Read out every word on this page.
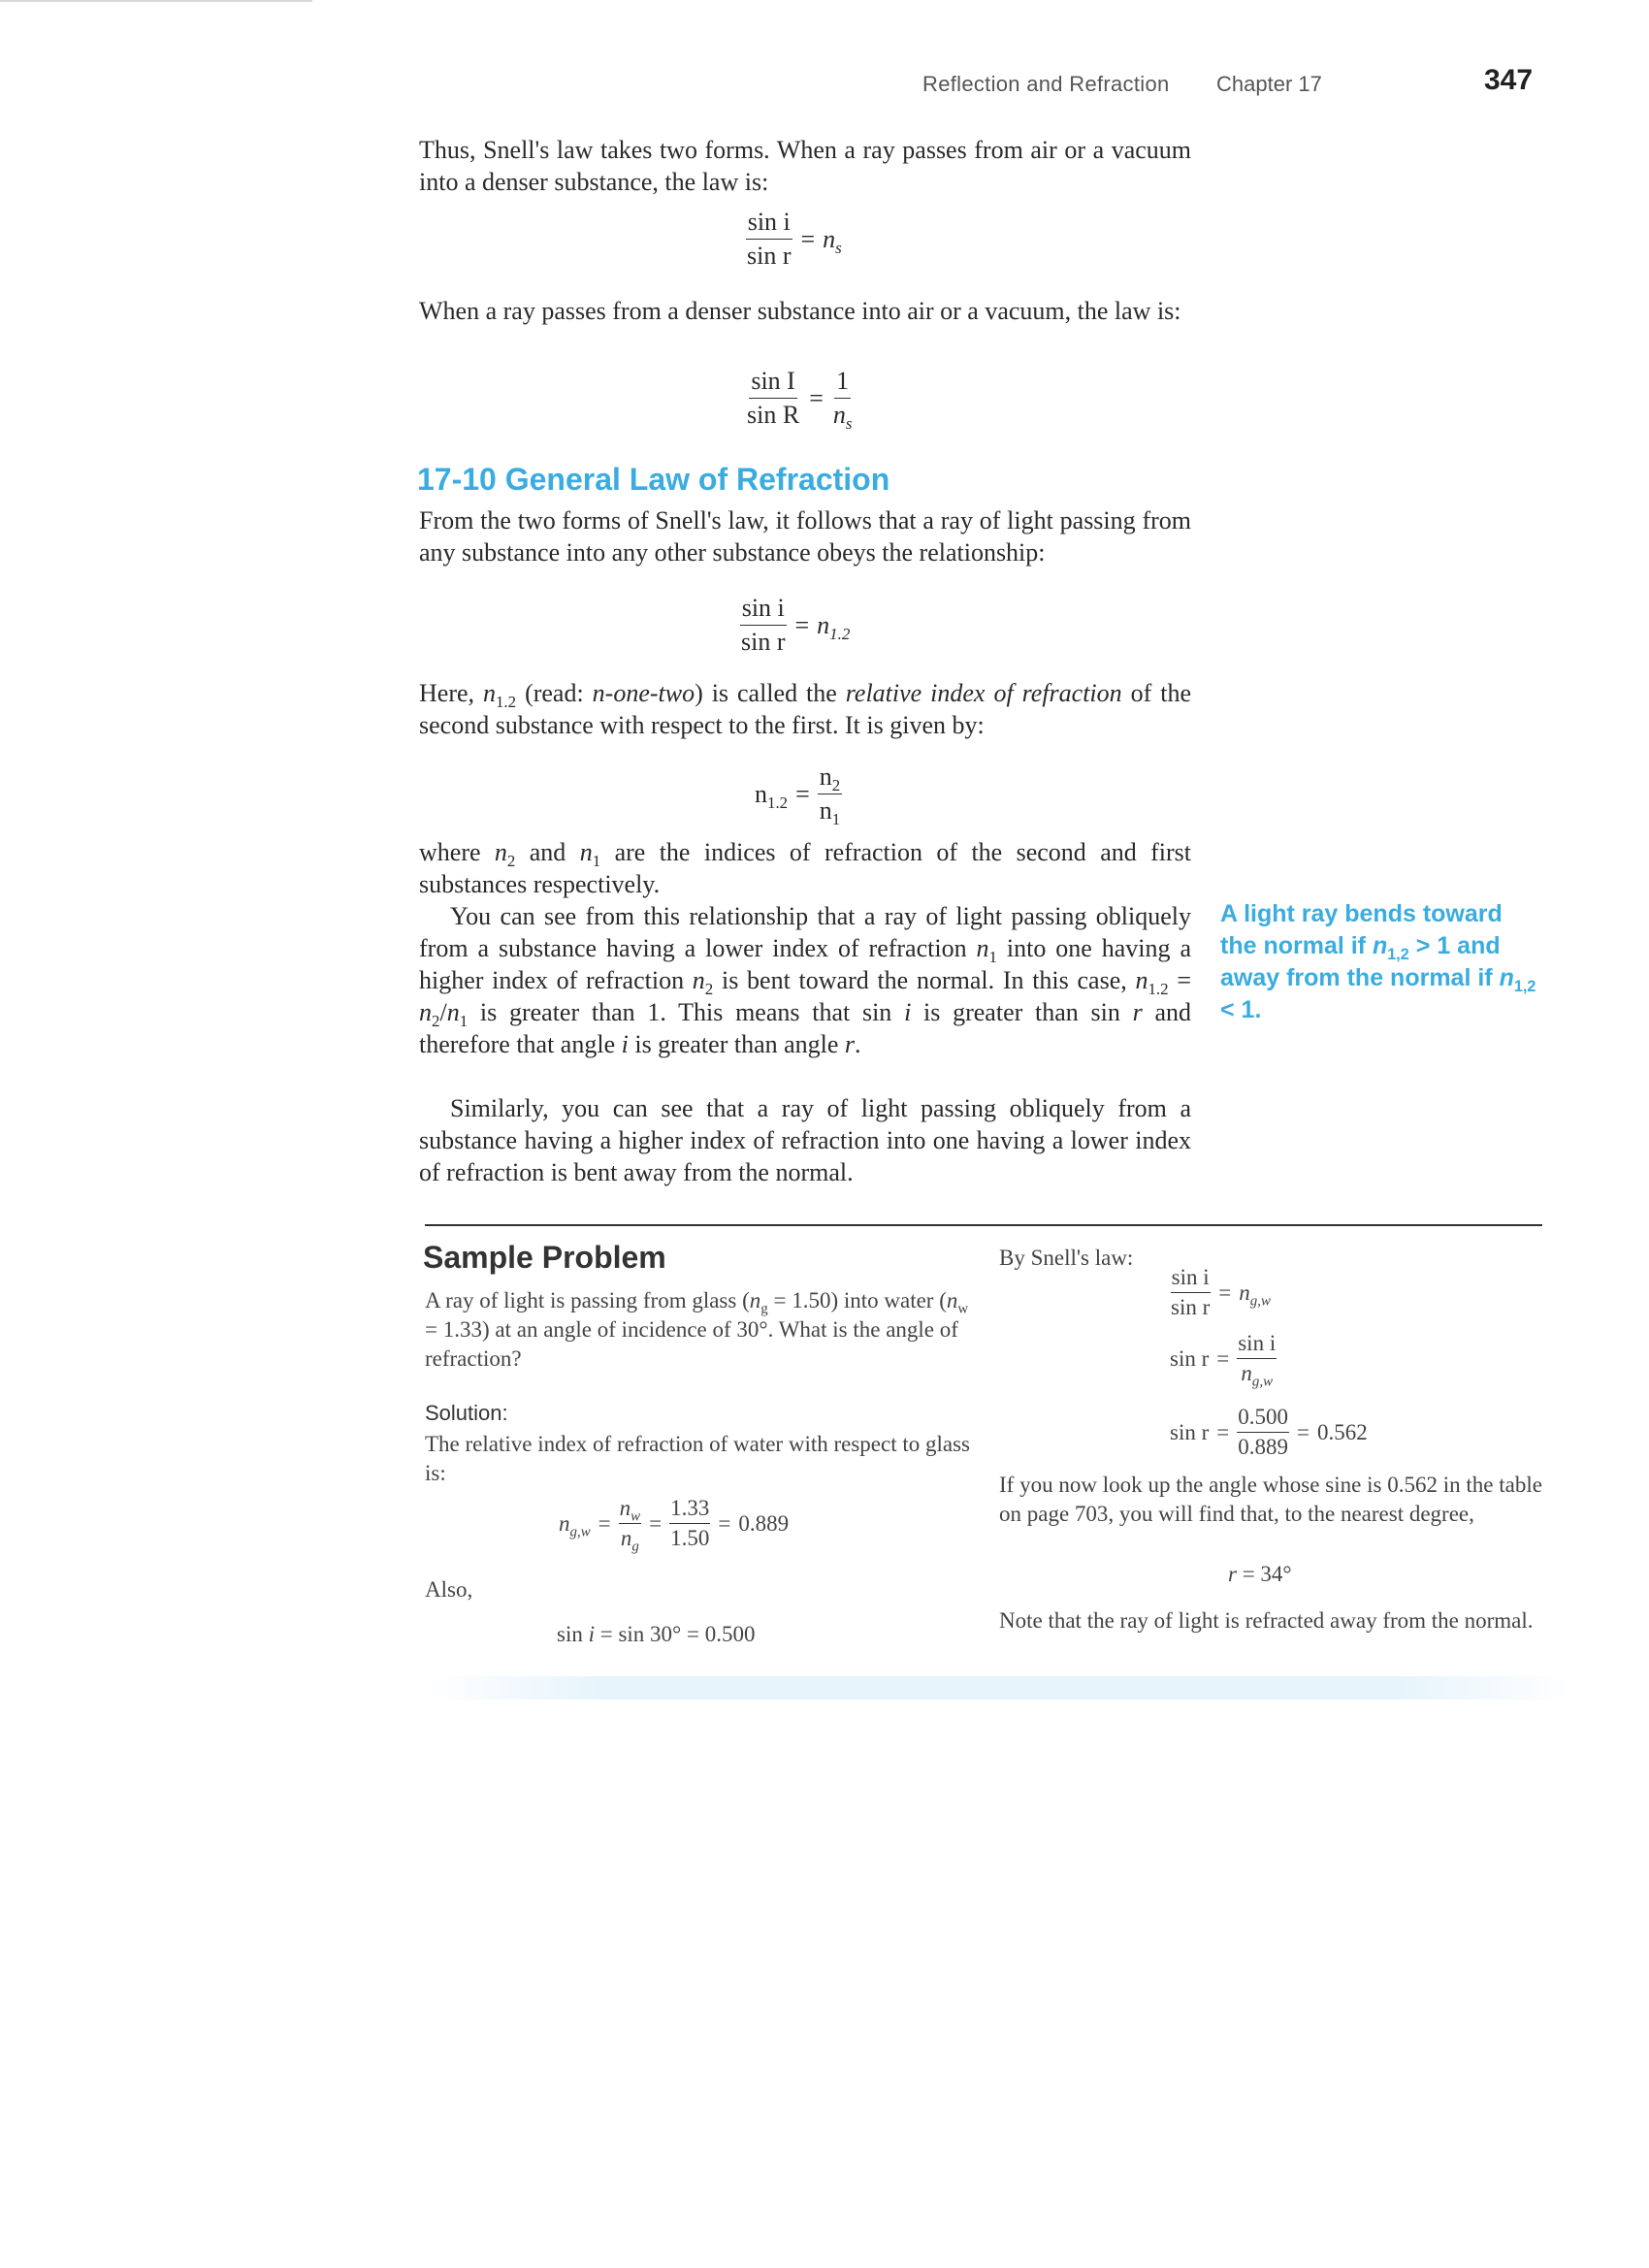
Reflection and Refraction Chapter 17	347

Thus, Snell's law takes two forms. When a ray passes from air or a vacuum into a denser substance, the law is:

$\frac{\text{sin i}}{\text{sin r}} = n_s$

When a ray passes from a denser substance into air or a vacuum, the law is:

$\frac{\text{sin I}}{\text{sin R}} = \frac{1}{n_s}$
17-10 General Law of Refraction

From the two forms of Snell's law, it follows that a ray of light passing from any substance into any other substance obeys the relationship:

$\frac{\text{sin i}}{\text{sin r}} = n_{1.2}$

Here, $n_{1.2}$ (read: n-one-two) is called the relative index of refraction of the second substance with respect to the first. It is given by:

$n_{1.2} = \frac{n_2}{n_1}$

where $n_2$ and $n_1$ are the indices of refraction of the second and first substances respectively.

You can see from this relationship that a ray of light passing obliquely from a substance having a lower index of refraction $n_1$ into one having a higher index of refraction $n_2$ is bent toward the normal. In this case, $n_{1.2} = n_2/n_1$ is greater than 1. This means that sin i is greater than sin r and therefore that angle i is greater than angle r.

Similarly, you can see that a ray of light passing obliquely from a substance having a higher index of refraction into one having a lower index of refraction is bent away from the normal.

A light ray bends toward the normal if $n_{1,2} > 1$ and away from the normal if $n_{1,2} < 1$.
Sample Problem

A ray of light is passing from glass $(n_g = 1.50)$ into water $(n_w = 1.33)$ at an angle of incidence of 30°. What is the angle of refraction?

Solution:

The relative index of refraction of water with respect to glass is:

$n_{g,w} = \frac{n_w}{n_g} = \frac{1.33}{1.50} = 0.889$
Also,
sin i = sin 30° = 0.500
By Snell's law:
$\frac{\text{sin i}}{\text{sin r}} = n_{g,w}$
$\sin r = \frac{\text{sin i}}{n_{g,w}}$
$\sin r = \frac{0.500}{0.889} = 0.562$

If you now look up the angle whose sine is 0.562 in the table on page 703, you will find that, to the nearest degree,

r = 34°

Note that the ray of light is refracted away from the normal.
